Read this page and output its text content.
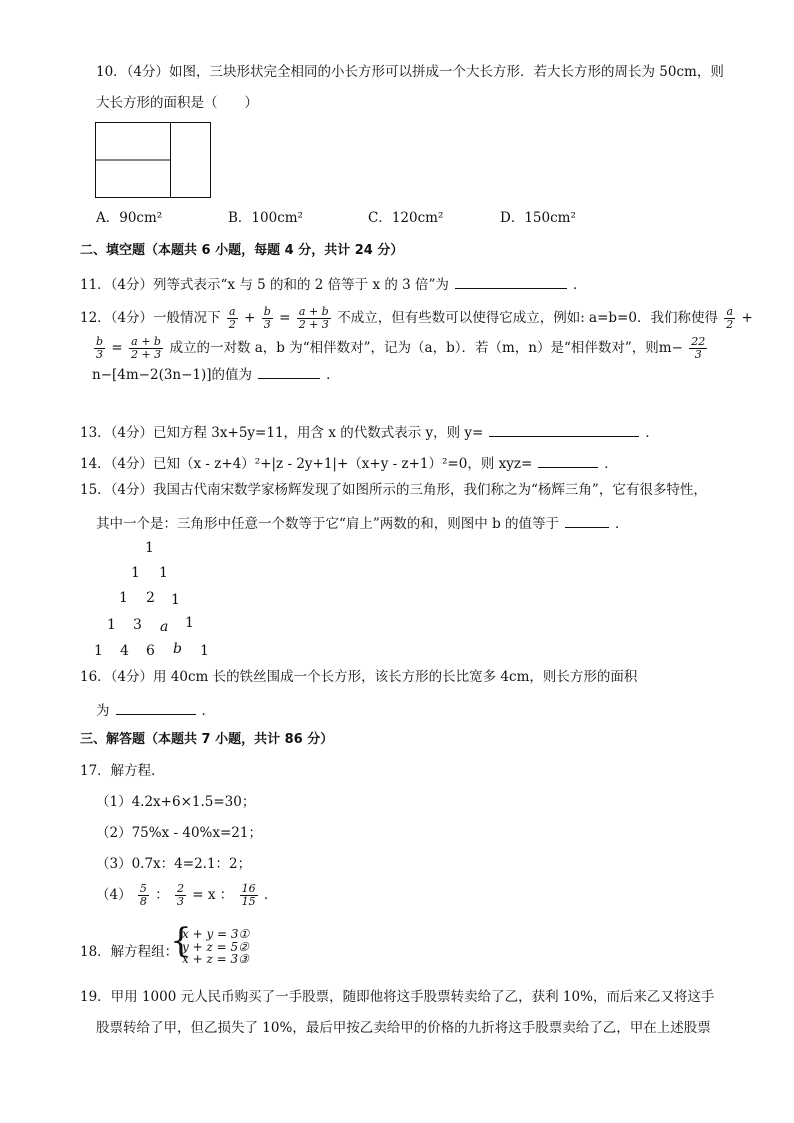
10．（4分）如图，三块形状完全相同的小长方形可以拼成一个大长方形．若大长方形的周长为 50cm，则
大长方形的面积是（　　）
A．90cm²	B．100cm²	C．120cm²	D．150cm²
二、填空题（本题共 6 小题，每题 4 分，共计 24 分）
11．（4分）列等式表示“x 与 5 的和的 2 倍等于 x 的 3 倍”为	．
12．（4分）一般情况下 $\frac{a}{2} + \frac{b}{3} = \frac{a + b}{2 + 3}$ 不成立，但有些数可以使得它成立，例如: a=b=0．我们称使得 $\frac{a}{2}$ +
$\frac{b}{3} = \frac{a + b}{2 + 3}$ 成立的一对数 a，b 为“相伴数对”，记为（a，b）．若（m，n）是“相伴数对”，则$m- \frac{22}{3}$
n−[4m−2(3n−1)]的值为	．
13．（4分）已知方程 3x+5y=11，用含 x 的代数式表示 y，则 y=	．
14．（4分）已知（x - z+4）²+|z - 2y+1|+（x+y - z+1）²=0，则 xyz=	．
15．（4分）我国古代南宋数学家杨辉发现了如图所示的三角形，我们称之为“杨辉三角”，它有很多特性，
其中一个是：三角形中任意一个数等于它“肩上”两数的和，则图中 b 的值等于	．
1
1 1
1 2 1
1 3 a 1
1 4 6 b 1
16．（4分）用 40cm 长的铁丝围成一个长方形，该长方形的长比宽多 4cm，则长方形的面积
为	．
三、解答题（本题共 7 小题，共计 86 分）
17．解方程．
（1）4.2x+6×1.5=30；
（2）75%x - 40%x=21；
（3）0.7x：4=2.1：2；
$(4) \frac{5}{8}$ ： $\frac{2}{3} = x$ ： $\frac{16}{15}$ ．
18．解方程组：
{
x + y = 3①
y + z = 5②
x + z = 3③
19．甲用 1000 元人民币购买了一手股票，随即他将这手股票转卖给了乙，获利 10%，而后来乙又将这手
股票转给了甲，但乙损失了 10%，最后甲按乙卖给甲的价格的九折将这手股票卖给了乙，甲在上述股票
